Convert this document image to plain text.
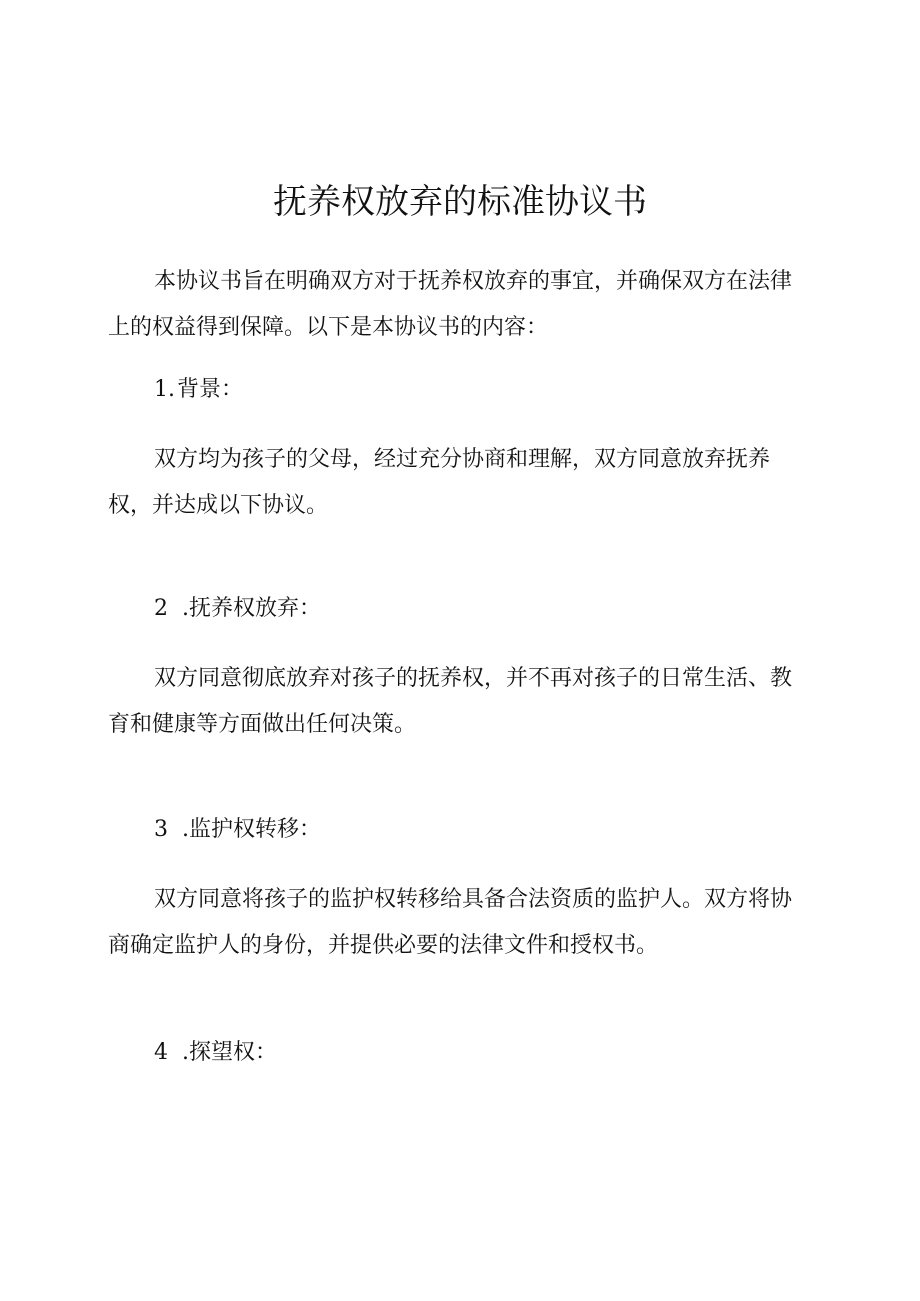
抚养权放弃的标准协议书

本协议书旨在明确双方对于抚养权放弃的事宜，并确保双方在法律上的权益得到保障。以下是本协议书的内容：

1.背景：

双方均为孩子的父母，经过充分协商和理解，双方同意放弃抚养权，并达成以下协议。

2 .抚养权放弃：

双方同意彻底放弃对孩子的抚养权，并不再对孩子的日常生活、教育和健康等方面做出任何决策。

3 .监护权转移：

双方同意将孩子的监护权转移给具备合法资质的监护人。双方将协商确定监护人的身份，并提供必要的法律文件和授权书。

4 .探望权：
